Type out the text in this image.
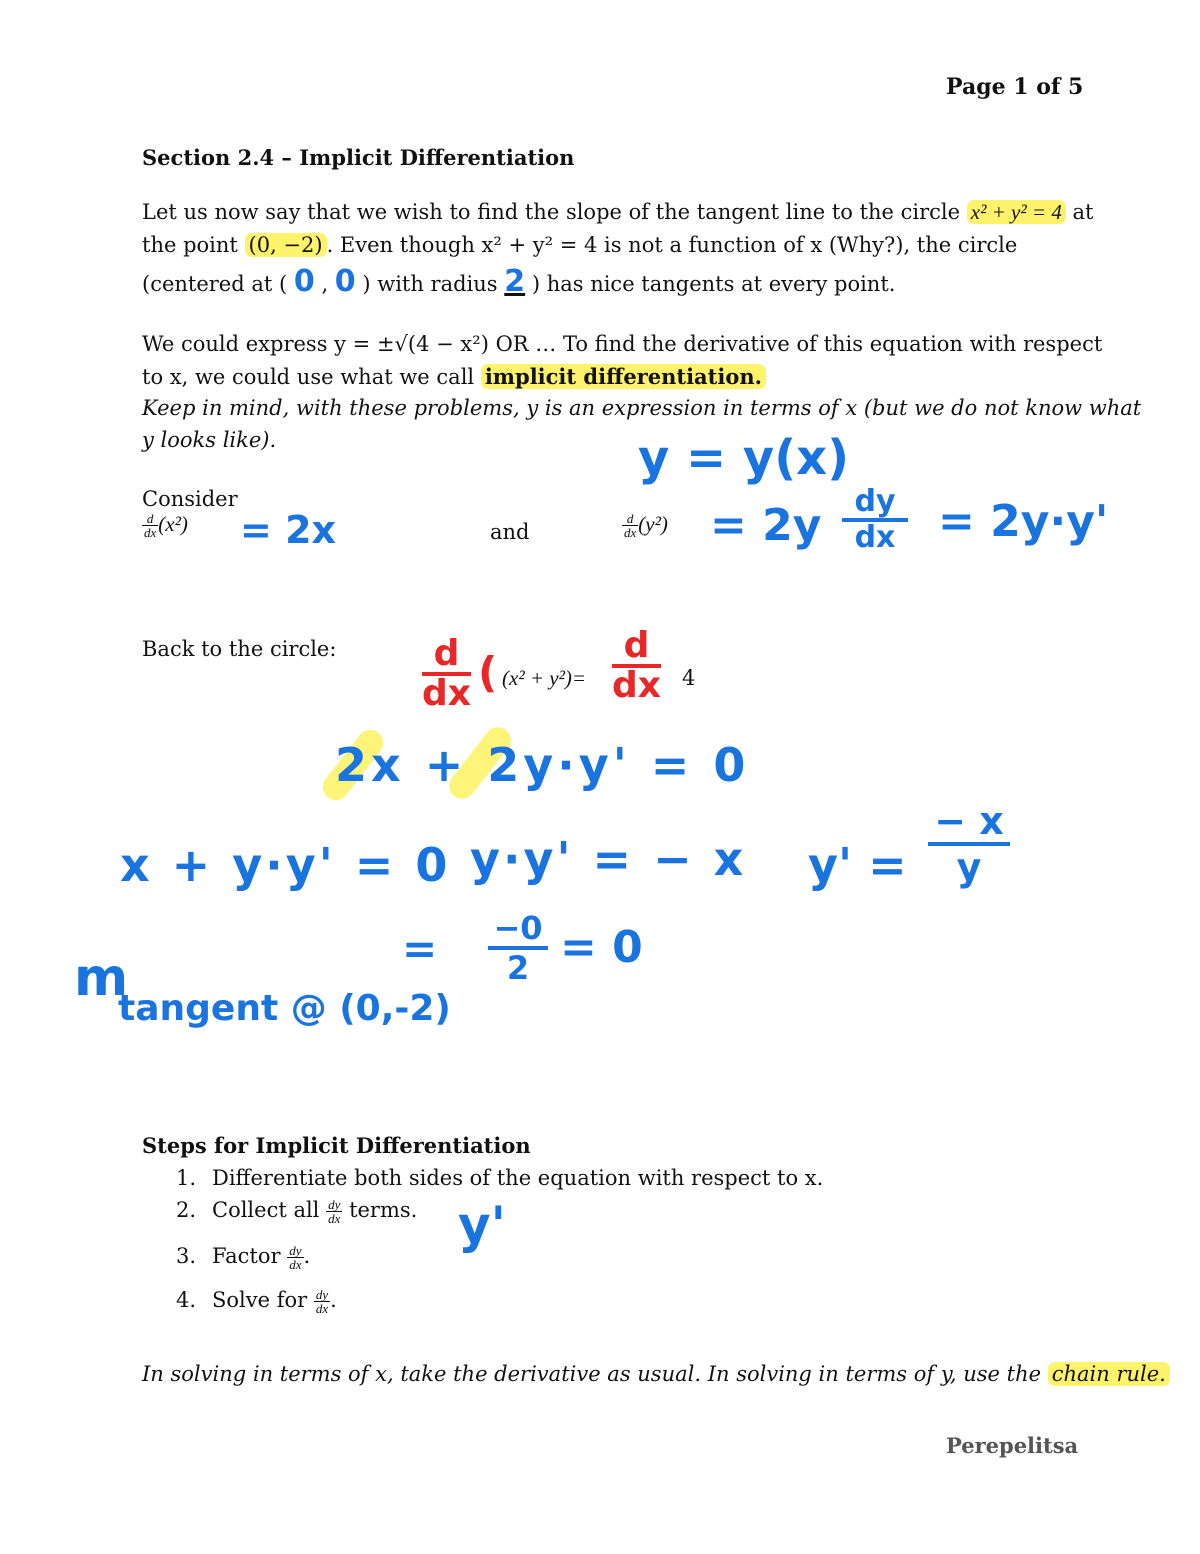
Page 1 of 5
Section 2.4 – Implicit Differentiation
Let us now say that we wish to find the slope of the tangent line to the circle x² + y² = 4 at
the point (0, −2) . Even though x² + y² = 4 is not a function of x (Why?), the circle
(centered at ( 0 , 0 ) with radius 2 ) has nice tangents at every point.
We could express y = ±√(4 − x²) OR … To find the derivative of this equation with respect
to x, we could use what we call implicit differentiation.
Keep in mind, with these problems, y is an expression in terms of x (but we do not know what
y looks like).	y = y(x)
Consider
$\frac{d}{dx} (x^2) = 2x$	and	$\frac{d}{dx} (y^2) = 2y$	dy
dx = 2y·y'
Back to the circle:	d
dx ( (x² + y²)=
d
dx 4
2x + 2y·y' = 0
x + y·y' = 0 y·y' = − x $y' = \frac{- x}{y}$
= $\frac{-0}{2} = 0$
m
tangent @ (0,-2)
Steps for Implicit Differentiation
1. Differentiate both sides of the equation with respect to x.
2. Collect all $\frac{dy}{dx}$ terms.
3. Factor $\frac{dy}{dx}$ .
4. Solve for $\frac{dy}{dx}$ .
y'
In solving in terms of x, take the derivative as usual. In solving in terms of y, use the chain rule.
Perepelitsa
